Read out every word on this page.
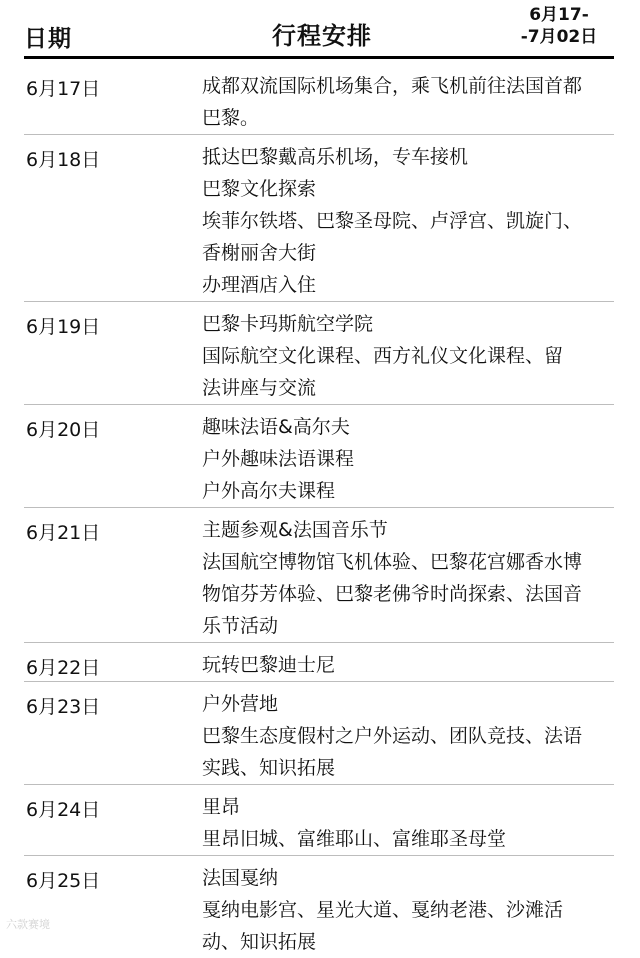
日期	行程安排
6月17-
-7月02日
6月17日	成都双流国际机场集合，乘飞机前往法国首都
巴黎。
6月18日	抵达巴黎戴高乐机场，专车接机
巴黎文化探索
埃菲尔铁塔、巴黎圣母院、卢浮宫、凯旋门、
香榭丽舍大街
办理酒店入住
6月19日	巴黎卡玛斯航空学院
国际航空文化课程、西方礼仪文化课程、留
法讲座与交流
6月20日	趣味法语&高尔夫
户外趣味法语课程
户外高尔夫课程
6月21日	主题参观&法国音乐节
法国航空博物馆飞机体验、巴黎花宫娜香水博
物馆芬芳体验、巴黎老佛爷时尚探索、法国音
乐节活动
6月22日	玩转巴黎迪士尼
6月23日	户外营地
巴黎生态度假村之户外运动、团队竞技、法语
实践、知识拓展
6月24日	里昂
里昂旧城、富维耶山、富维耶圣母堂
6月25日	法国戛纳
戛纳电影宫、星光大道、戛纳老港、沙滩活
动、知识拓展
六款赛境
